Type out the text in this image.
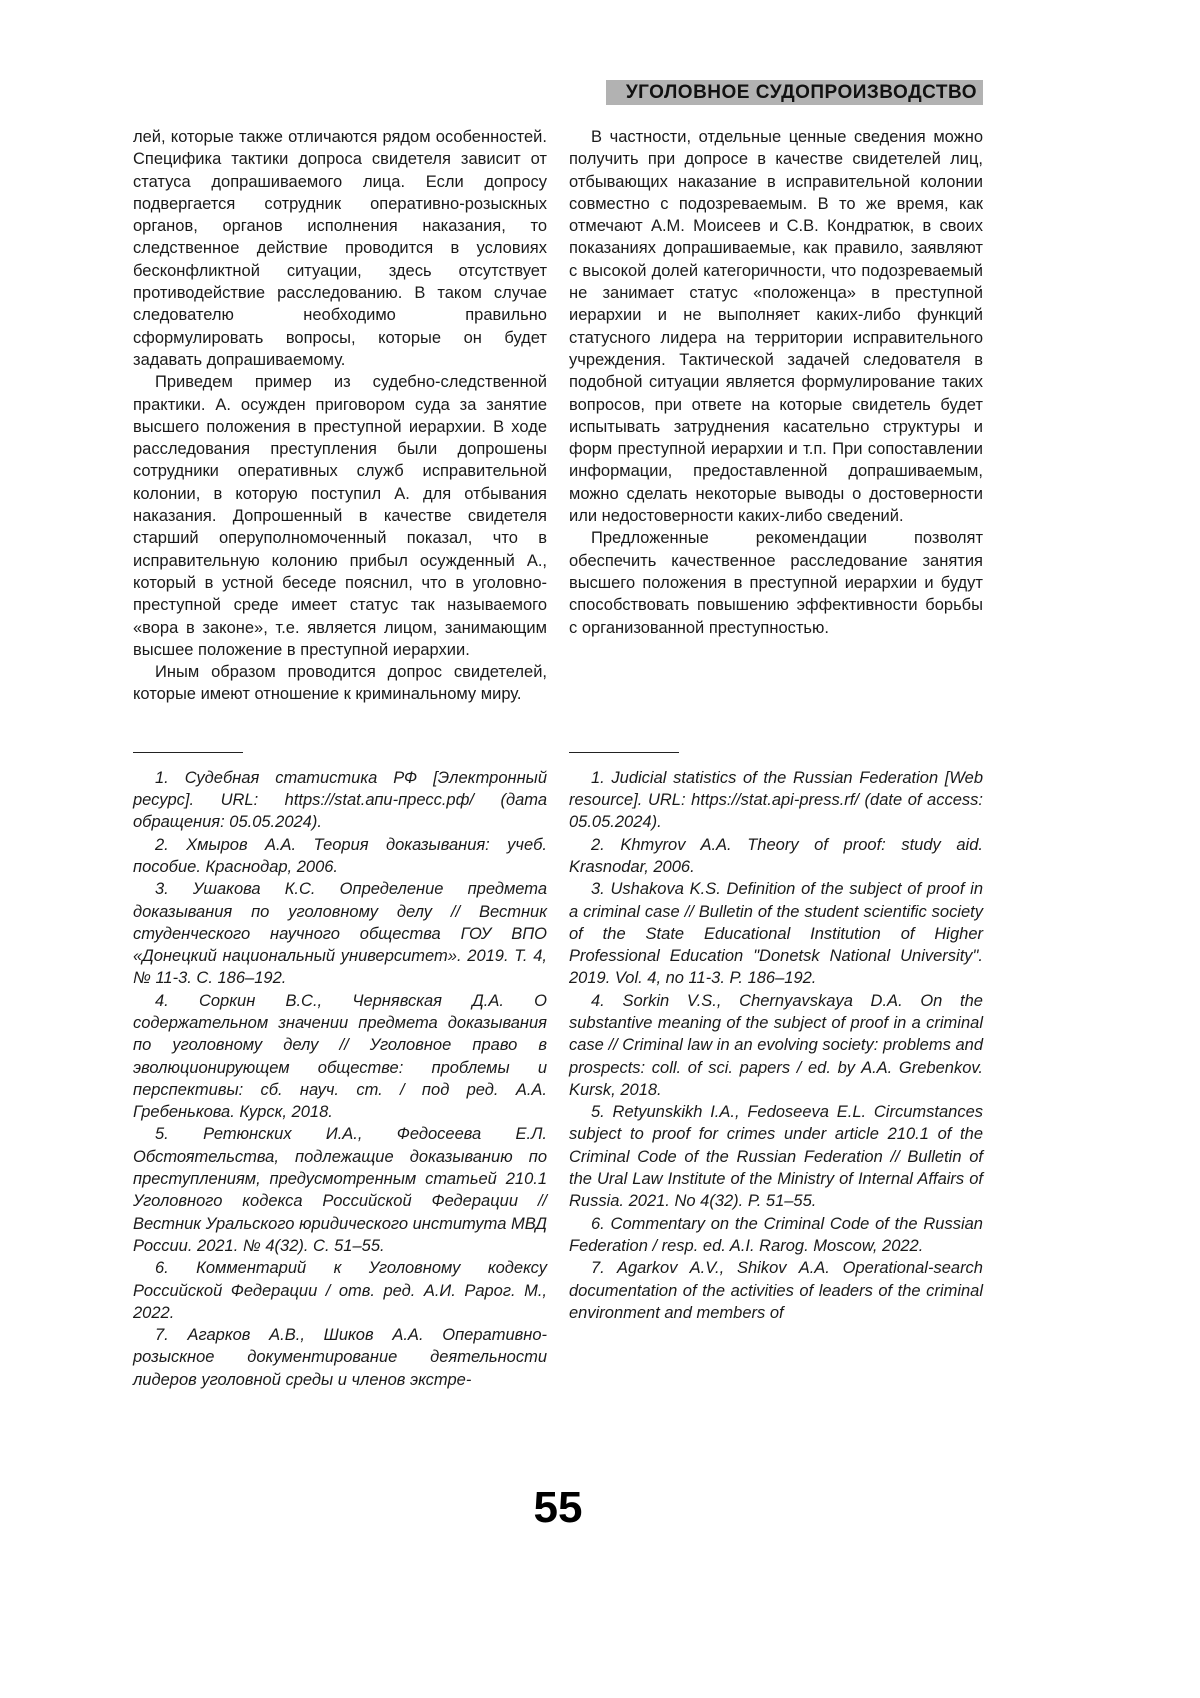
УГОЛОВНОЕ СУДОПРОИЗВОДСТВО

лей, которые также отличаются рядом особенностей. Специфика тактики допроса свидетеля зависит от статуса допрашиваемого лица. Если допросу подвергается сотрудник оперативно-розыскных органов, органов исполнения наказания, то следственное действие проводится в условиях бесконфликтной ситуации, здесь отсутствует противодействие расследованию. В таком случае следователю необходимо правильно сформулировать вопросы, которые он будет задавать допрашиваемому.

Приведем пример из судебно-следственной практики. А. осужден приговором суда за занятие высшего положения в преступной иерархии. В ходе расследования преступления были допрошены сотрудники оперативных служб исправительной колонии, в которую поступил А. для отбывания наказания. Допрошенный в качестве свидетеля старший оперуполномоченный показал, что в исправительную колонию прибыл осужденный А., который в устной беседе пояснил, что в уголовно-преступной среде имеет статус так называемого «вора в законе», т.е. является лицом, занимающим высшее положение в преступной иерархии.

Иным образом проводится допрос свидетелей, которые имеют отношение к криминальному миру.

В частности, отдельные ценные сведения можно получить при допросе в качестве свидетелей лиц, отбывающих наказание в исправительной колонии совместно с подозреваемым. В то же время, как отмечают А.М. Моисеев и С.В. Кондратюк, в своих показаниях допрашиваемые, как правило, заявляют с высокой долей категоричности, что подозреваемый не занимает статус «положенца» в преступной иерархии и не выполняет каких-либо функций статусного лидера на территории исправительного учреждения. Тактической задачей следователя в подобной ситуации является формулирование таких вопросов, при ответе на которые свидетель будет испытывать затруднения касательно структуры и форм преступной иерархии и т.п. При сопоставлении информации, предоставленной допрашиваемым, можно сделать некоторые выводы о достоверности или недостоверности каких-либо сведений.

Предложенные рекомендации позволят обеспечить качественное расследование занятия высшего положения в преступной иерархии и будут способствовать повышению эффективности борьбы с организованной преступностью.

1. Судебная статистика РФ [Электронный ресурс]. URL: https://stat.апи-пресс.рф/ (дата обращения: 05.05.2024).

2. Хмыров А.А. Теория доказывания: учеб. пособие. Краснодар, 2006.

3. Ушакова К.С. Определение предмета доказывания по уголовному делу // Вестник студенческого научного общества ГОУ ВПО «Донецкий национальный университет». 2019. Т. 4, № 11-3. С. 186–192.

4. Соркин В.С., Чернявская Д.А. О содержательном значении предмета доказывания по уголовному делу // Уголовное право в эволюционирующем обществе: проблемы и перспективы: сб. науч. ст. / под ред. А.А. Гребенькова. Курск, 2018.

5. Ретюнских И.А., Федосеева Е.Л. Обстоятельства, подлежащие доказыванию по преступлениям, предусмотренным статьей 210.1 Уголовного кодекса Российской Федерации // Вестник Уральского юридического института МВД России. 2021. № 4(32). С. 51–55.

6. Комментарий к Уголовному кодексу Российской Федерации / отв. ред. А.И. Рарог. М., 2022.

7. Агарков А.В., Шиков А.А. Оперативно-розыскное документирование деятельности лидеров уголовной среды и членов экстре-

1. Judicial statistics of the Russian Federation [Web resource]. URL: https://stat.api-press.rf/ (date of access: 05.05.2024).

2. Khmyrov A.A. Theory of proof: study aid. Krasnodar, 2006.

3. Ushakova K.S. Definition of the subject of proof in a criminal case // Bulletin of the student scientific society of the State Educational Institution of Higher Professional Education "Donetsk National University". 2019. Vol. 4, no 11-3. P. 186–192.

4. Sorkin V.S., Chernyavskaya D.A. On the substantive meaning of the subject of proof in a criminal case // Criminal law in an evolving society: problems and prospects: coll. of sci. papers / ed. by A.A. Grebenkov. Kursk, 2018.

5. Retyunskikh I.A., Fedoseeva E.L. Circumstances subject to proof for crimes under article 210.1 of the Criminal Code of the Russian Federation // Bulletin of the Ural Law Institute of the Ministry of Internal Affairs of Russia. 2021. No 4(32). P. 51–55.

6. Commentary on the Criminal Code of the Russian Federation / resp. ed. A.I. Rarog. Moscow, 2022.

7. Agarkov A.V., Shikov A.A. Operational-search documentation of the activities of leaders of the criminal environment and members of

55
